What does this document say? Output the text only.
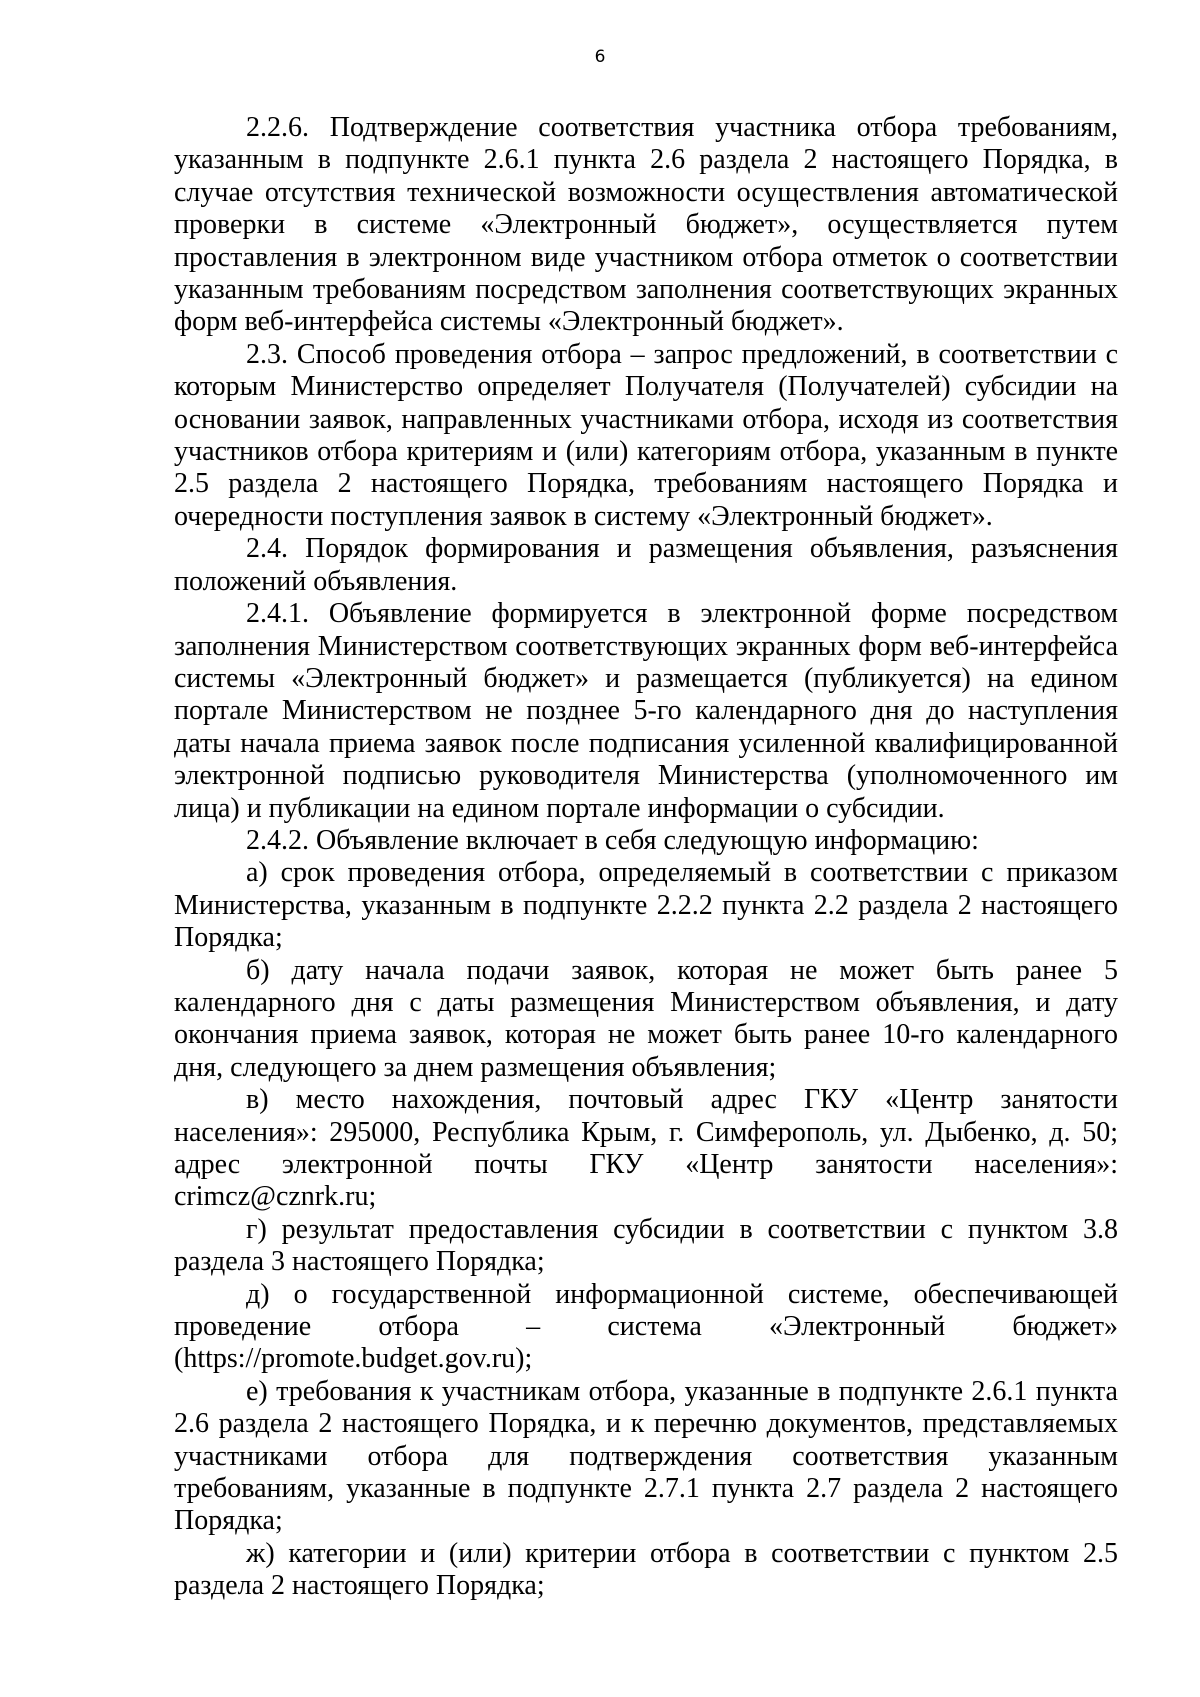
6

2.2.6. Подтверждение соответствия участника отбора требованиям, указанным в подпункте 2.6.1 пункта 2.6 раздела 2 настоящего Порядка, в случае отсутствия технической возможности осуществления автоматической проверки в системе «Электронный бюджет», осуществляется путем проставления в электронном виде участником отбора отметок о соответствии указанным требованиям посредством заполнения соответствующих экранных форм веб-интерфейса системы «Электронный бюджет».

2.3. Способ проведения отбора – запрос предложений, в соответствии с которым Министерство определяет Получателя (Получателей) субсидии на основании заявок, направленных участниками отбора, исходя из соответствия участников отбора критериям и (или) категориям отбора, указанным в пункте 2.5 раздела 2 настоящего Порядка, требованиям настоящего Порядка и очередности поступления заявок в систему «Электронный бюджет».

2.4. Порядок формирования и размещения объявления, разъяснения положений объявления.

2.4.1. Объявление формируется в электронной форме посредством заполнения Министерством соответствующих экранных форм веб-интерфейса системы «Электронный бюджет» и размещается (публикуется) на едином портале Министерством не позднее 5-го календарного дня до наступления даты начала приема заявок после подписания усиленной квалифицированной электронной подписью руководителя Министерства (уполномоченного им лица) и публикации на едином портале информации о субсидии.

2.4.2. Объявление включает в себя следующую информацию:

а) срок проведения отбора, определяемый в соответствии с приказом Министерства, указанным в подпункте 2.2.2 пункта 2.2 раздела 2 настоящего Порядка;

б) дату начала подачи заявок, которая не может быть ранее 5 календарного дня с даты размещения Министерством объявления, и дату окончания приема заявок, которая не может быть ранее 10-го календарного дня, следующего за днем размещения объявления;

в) место нахождения, почтовый адрес ГКУ «Центр занятости населения»: 295000, Республика Крым, г. Симферополь, ул. Дыбенко, д. 50; адрес электронной почты ГКУ «Центр занятости населения»: crimcz@cznrk.ru;

г) результат предоставления субсидии в соответствии с пунктом 3.8 раздела 3 настоящего Порядка;

д) о государственной информационной системе, обеспечивающей проведение отбора – система «Электронный бюджет» (https://promote.budget.gov.ru);

е) требования к участникам отбора, указанные в подпункте 2.6.1 пункта 2.6 раздела 2 настоящего Порядка, и к перечню документов, представляемых участниками отбора для подтверждения соответствия указанным требованиям, указанные в подпункте 2.7.1 пункта 2.7 раздела 2 настоящего Порядка;

ж) категории и (или) критерии отбора в соответствии с пунктом 2.5 раздела 2 настоящего Порядка;
